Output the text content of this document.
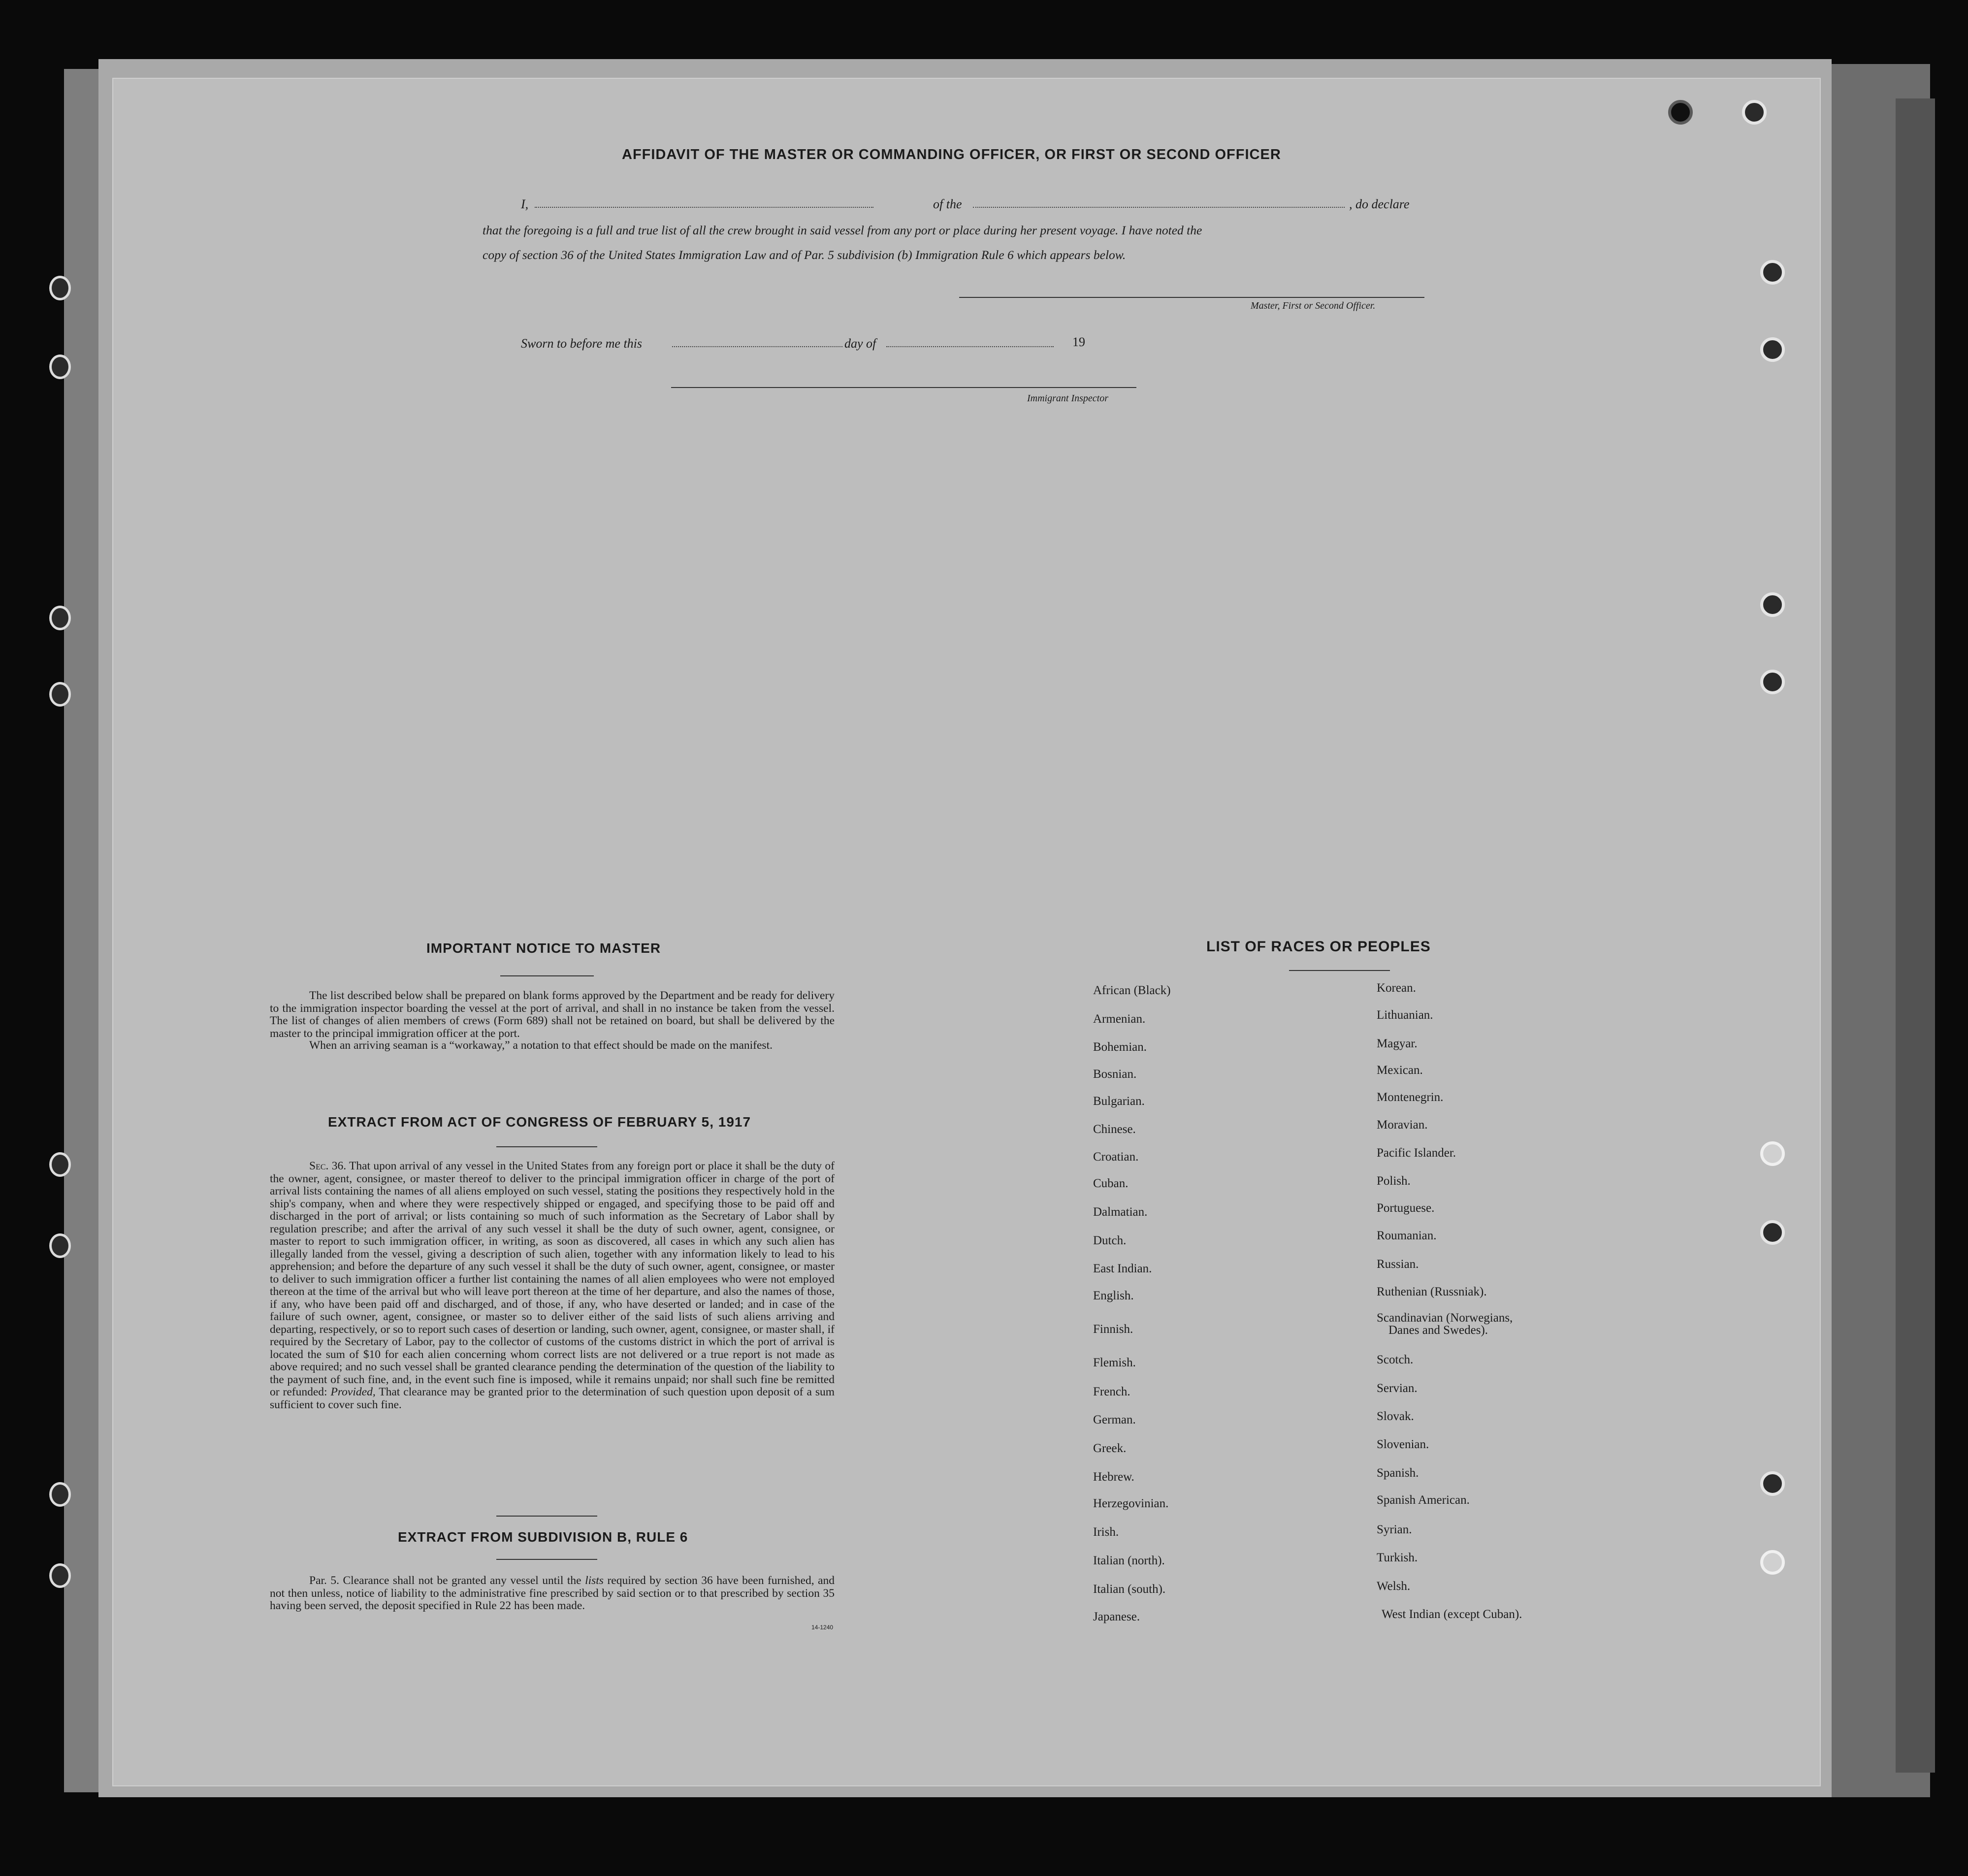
AFFIDAVIT OF THE MASTER OR COMMANDING OFFICER, OR FIRST OR SECOND OFFICER
I,	of the	, do declare
that the foregoing is a full and true list of all the crew brought in said vessel from any port or place during her present voyage. I have noted the
copy of section 36 of the United States Immigration Law and of Par. 5 subdivision (b) Immigration Rule 6 which appears below.
Master, First or Second Officer.
Sworn to before me this	day of	19
Immigrant Inspector
IMPORTANT NOTICE TO MASTER
The list described below shall be prepared on blank forms approved by the Department and be ready for delivery to the immigration inspector boarding the vessel at the port of arrival, and shall in no instance be taken from the vessel. The list of changes of alien members of crews (Form 689) shall not be retained on board, but shall be delivered by the master to the principal immigration officer at the port.
When an arriving seaman is a “workaway,” a notation to that effect should be made on the manifest.
EXTRACT FROM ACT OF CONGRESS OF FEBRUARY 5, 1917
Sec. 36. That upon arrival of any vessel in the United States from any foreign port or place it shall be the duty of the owner, agent, consignee, or master thereof to deliver to the principal immigration officer in charge of the port of arrival lists containing the names of all aliens employed on such vessel, stating the positions they respectively hold in the ship's company, when and where they were respectively shipped or engaged, and specifying those to be paid off and discharged in the port of arrival; or lists containing so much of such information as the Secretary of Labor shall by regulation prescribe; and after the arrival of any such vessel it shall be the duty of such owner, agent, consignee, or master to report to such immigration officer, in writing, as soon as discovered, all cases in which any such alien has illegally landed from the vessel, giving a description of such alien, together with any information likely to lead to his apprehension; and before the departure of any such vessel it shall be the duty of such owner, agent, consignee, or master to deliver to such immigration officer a further list containing the names of all alien employees who were not employed thereon at the time of the arrival but who will leave port thereon at the time of her departure, and also the names of those, if any, who have been paid off and discharged, and of those, if any, who have deserted or landed; and in case of the failure of such owner, agent, consignee, or master so to deliver either of the said lists of such aliens arriving and departing, respectively, or so to report such cases of desertion or landing, such owner, agent, consignee, or master shall, if required by the Secretary of Labor, pay to the collector of customs of the customs district in which the port of arrival is located the sum of $10 for each alien concerning whom correct lists are not delivered or a true report is not made as above required; and no such vessel shall be granted clearance pending the determination of the question of the liability to the payment of such fine, and, in the event such fine is imposed, while it remains unpaid; nor shall such fine be remitted or refunded: Provided, That clearance may be granted prior to the determination of such question upon deposit of a sum sufficient to cover such fine.
EXTRACT FROM SUBDIVISION B, RULE 6
Par. 5. Clearance shall not be granted any vessel until the lists required by section 36 have been furnished, and not then unless, notice of liability to the administrative fine prescribed by said section or to that prescribed by section 35 having been served, the deposit specified in Rule 22 has been made.
14-1240
LIST OF RACES OR PEOPLES
African (Black)
Armenian.
Bohemian.
Bosnian.
Bulgarian.
Chinese.
Croatian.
Cuban.
Dalmatian.
Dutch.
East Indian.
English.
Finnish.
Flemish.
French.
German.
Greek.
Hebrew.
Herzegovinian.
Irish.
Italian (north).
Italian (south).
Japanese.
Korean.
Lithuanian.
Magyar.
Mexican.
Montenegrin.
Moravian.
Pacific Islander.
Polish.
Portuguese.
Roumanian.
Russian.
Ruthenian (Russniak).
Scandinavian (Norwegians,
Danes and Swedes).
Scotch.
Servian.
Slovak.
Slovenian.
Spanish.
Spanish American.
Syrian.
Turkish.
Welsh.
West Indian (except Cuban).
